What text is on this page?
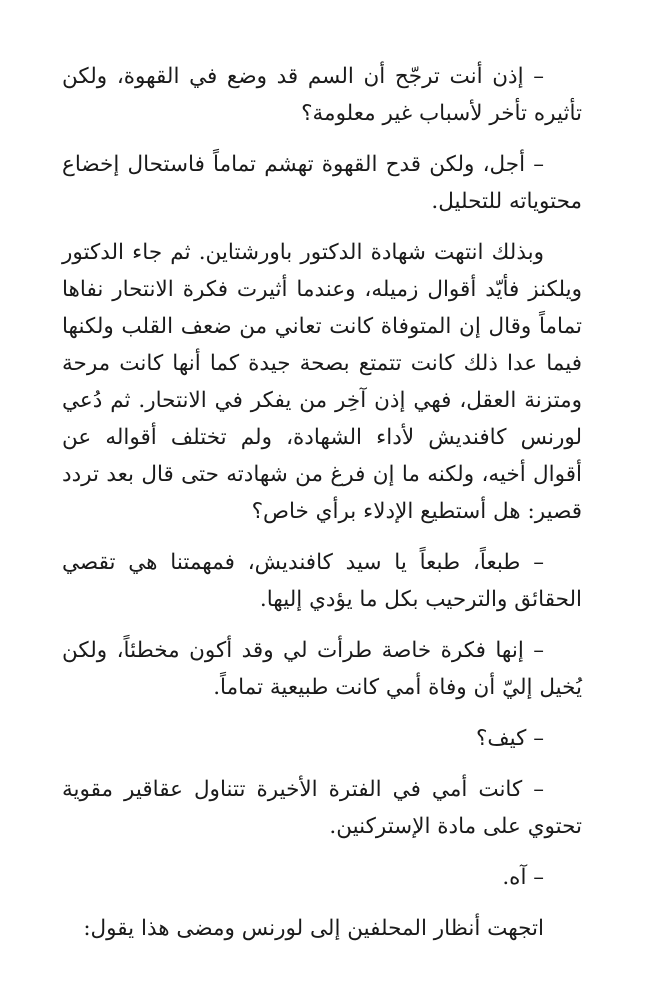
– إذن أنت ترجّح أن السم قد وضع في القهوة، ولكن تأثيره تأخر لأسباب غير معلومة؟

– أجل، ولكن قدح القهوة تهشم تماماً فاستحال إخضاع محتوياته للتحليل.

وبذلك انتهت شهادة الدكتور باورشتاين. ثم جاء الدكتور ويلكنز فأيّد أقوال زميله، وعندما أثيرت فكرة الانتحار نفاها تماماً وقال إن المتوفاة كانت تعاني من ضعف القلب ولكنها فيما عدا ذلك كانت تتمتع بصحة جيدة كما أنها كانت مرحة ومتزنة العقل، فهي إذن آخِر من يفكر في الانتحار. ثم دُعي لورنس كافنديش لأداء الشهادة، ولم تختلف أقواله عن أقوال أخيه، ولكنه ما إن فرغ من شهادته حتى قال بعد تردد قصير: هل أستطيع الإدلاء برأي خاص؟

– طبعاً، طبعاً يا سيد كافنديش، فمهمتنا هي تقصي الحقائق والترحيب بكل ما يؤدي إليها.

– إنها فكرة خاصة طرأت لي وقد أكون مخطئاً، ولكن يُخيل إليّ أن وفاة أمي كانت طبيعية تماماً.

– كيف؟

– كانت أمي في الفترة الأخيرة تتناول عقاقير مقوية تحتوي على مادة الإستركنين.

– آه.

اتجهت أنظار المحلفين إلى لورنس ومضى هذا يقول:
